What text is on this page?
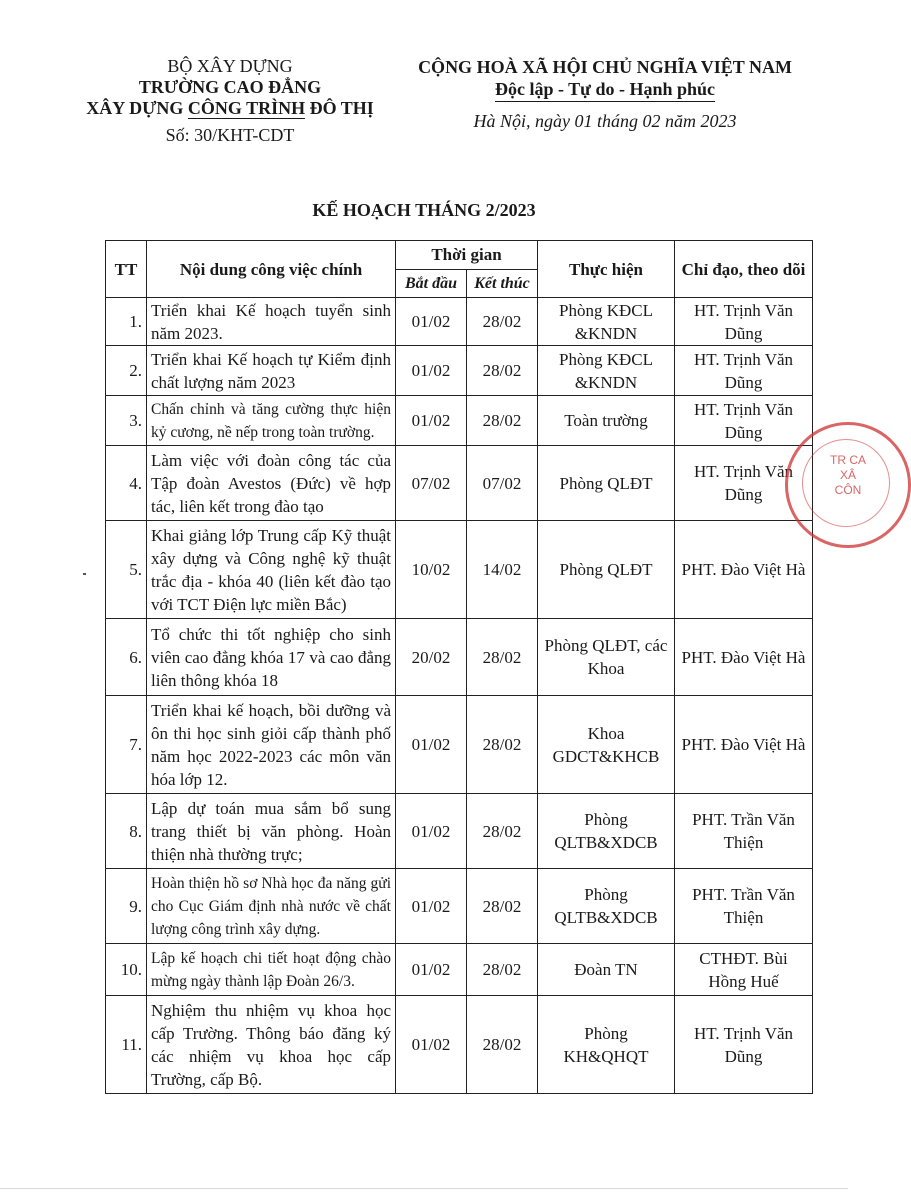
BỘ XÂY DỰNG
TRƯỜNG CAO ĐẲNG
XÂY DỰNG CÔNG TRÌNH ĐÔ THỊ
Số: 30/KHT-CDT
CỘNG HOÀ XÃ HỘI CHỦ NGHĨA VIỆT NAM
Độc lập - Tự do - Hạnh phúc
Hà Nội, ngày 01 tháng 02 năm 2023
KẾ HOẠCH THÁNG 2/2023
TT	Nội dung công việc chính	Thời gian		Thực hiện	Chỉ đạo, theo dõi
		Bắt đầu	Kết thúc		
1.	Triển khai Kế hoạch tuyển sinh năm 2023.	01/02	28/02	Phòng KĐCL &KNDN	HT. Trịnh Văn Dũng
2.	Triển khai Kế hoạch tự Kiểm định chất lượng năm 2023	01/02	28/02	Phòng KĐCL &KNDN	HT. Trịnh Văn Dũng
3.	Chấn chỉnh và tăng cường thực hiện kỷ cương, nề nếp trong toàn trường.	01/02	28/02	Toàn trường	HT. Trịnh Văn Dũng
4.	Làm việc với đoàn công tác của Tập đoàn Avestos (Đức) về hợp tác, liên kết trong đào tạo	07/02	07/02	Phòng QLĐT	HT. Trịnh Văn Dũng
5.	Khai giảng lớp Trung cấp Kỹ thuật xây dựng và Công nghệ kỹ thuật trắc địa - khóa 40 (liên kết đào tạo với TCT Điện lực miền Bắc)	10/02	14/02	Phòng QLĐT	PHT. Đào Việt Hà
6.	Tổ chức thi tốt nghiệp cho sinh viên cao đẳng khóa 17 và cao đẳng liên thông khóa 18	20/02	28/02	Phòng QLĐT, các Khoa	PHT. Đào Việt Hà
7.	Triển khai kế hoạch, bồi dưỡng và ôn thi học sinh giỏi cấp thành phố năm học 2022-2023 các môn văn hóa lớp 12.	01/02	28/02	Khoa GDCT&KHCB	PHT. Đào Việt Hà
8.	Lập dự toán mua sắm bổ sung trang thiết bị văn phòng. Hoàn thiện nhà thường trực;	01/02	28/02	Phòng QLTB&XDCB	PHT. Trần Văn Thiện
9.	Hoàn thiện hồ sơ Nhà học đa năng gửi cho Cục Giám định nhà nước về chất lượng công trình xây dựng.	01/02	28/02	Phòng QLTB&XDCB	PHT. Trần Văn Thiện
10.	Lập kế hoạch chi tiết hoạt động chào mừng ngày thành lập Đoàn 26/3.	01/02	28/02	Đoàn TN	CTHĐT. Bùi Hồng Huế
11.	Nghiệm thu nhiệm vụ khoa học cấp Trường. Thông báo đăng ký các nhiệm vụ khoa học cấp Trường, cấp Bộ.	01/02	28/02	Phòng KH&QHQT	HT. Trịnh Văn Dũng
TR CA XÂ CÔN
